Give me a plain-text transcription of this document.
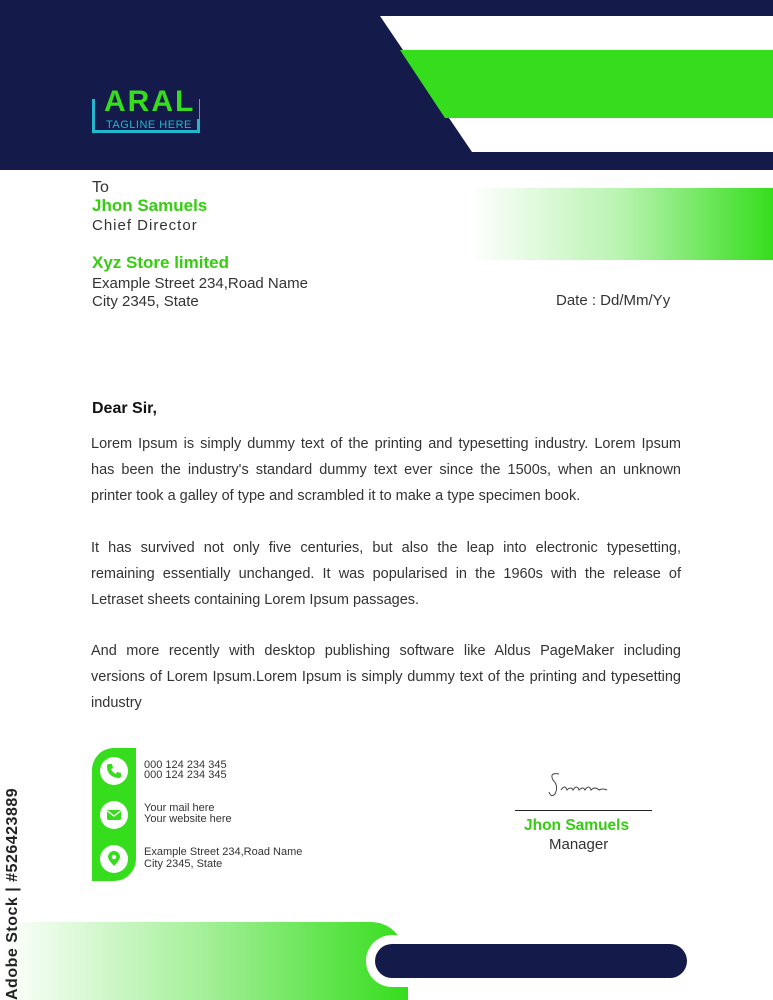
ARAL
TAGLINE HERE
To
Jhon Samuels
Chief Director
Xyz Store limited
Example Street 234,Road Name
City 2345, State	Date : Dd/Mm/Yy
Dear Sir,
Lorem Ipsum is simply dummy text of the printing and typesetting industry. Lorem Ipsum has been the industry's standard dummy text ever since the 1500s, when an unknown printer took a galley of type and scrambled it to make a type specimen book.
It has survived not only five centuries, but also the leap into electronic typesetting, remaining essentially unchanged. It was popularised in the 1960s with the release of Letraset sheets containing Lorem Ipsum passages.
And more recently with desktop publishing software like Aldus PageMaker including versions of Lorem Ipsum.Lorem Ipsum is simply dummy text of the printing and typesetting industry
000 124 234 345
000 124 234 345
Your mail here
Your website here
Example Street 234,Road Name
City 2345, State
Jhon Samuels
Manager
Adobe Stock | #526423889
